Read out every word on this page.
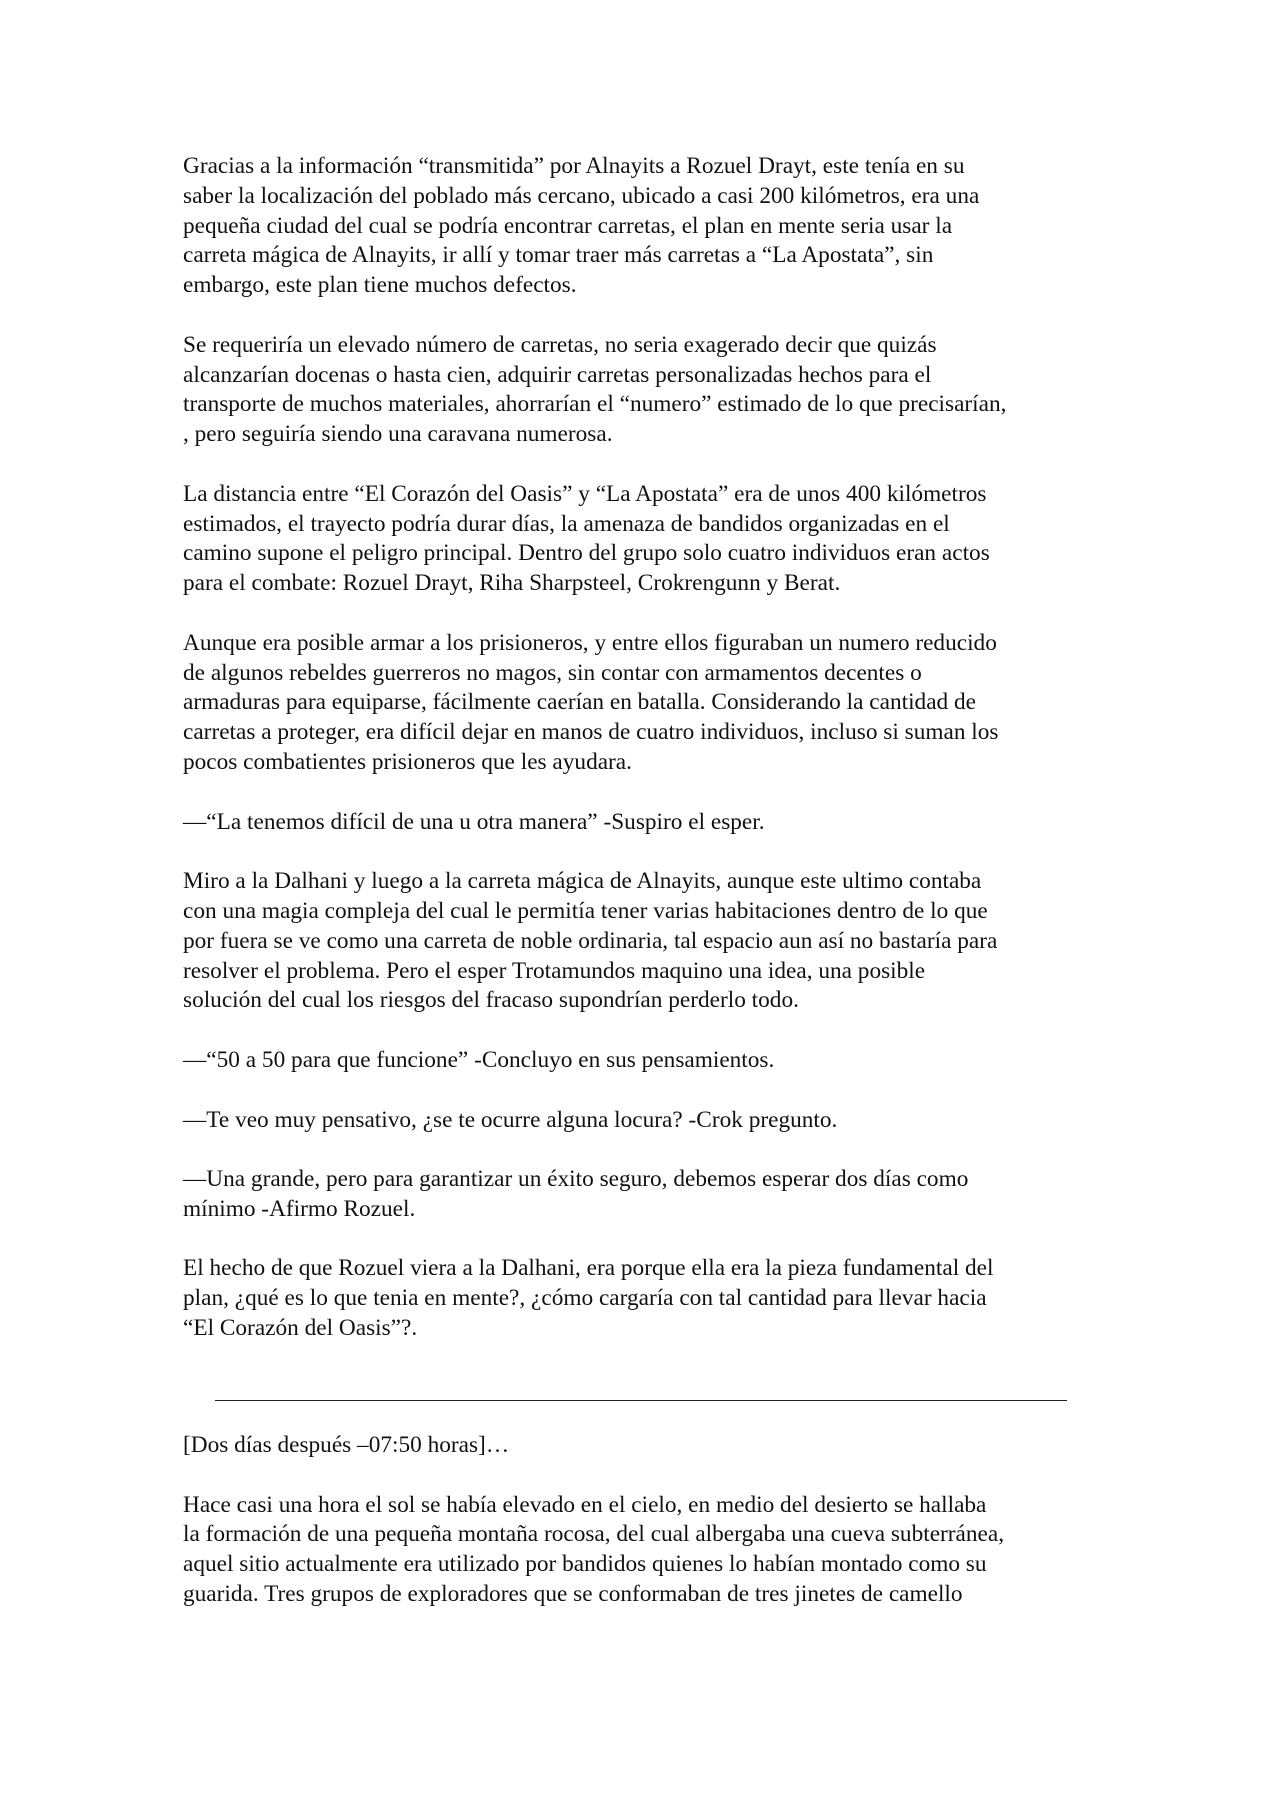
Gracias a la información “transmitida” por Alnayits a Rozuel Drayt, este tenía en su
saber la localización del poblado más cercano, ubicado a casi 200 kilómetros, era una
pequeña ciudad del cual se podría encontrar carretas, el plan en mente seria usar la
carreta mágica de Alnayits, ir allí y tomar traer más carretas a “La Apostata”, sin
embargo, este plan tiene muchos defectos.

Se requeriría un elevado número de carretas, no seria exagerado decir que quizás
alcanzarían docenas o hasta cien, adquirir carretas personalizadas hechos para el
transporte de muchos materiales, ahorrarían el “numero” estimado de lo que precisarían,
, pero seguiría siendo una caravana numerosa.

La distancia entre “El Corazón del Oasis” y “La Apostata” era de unos 400 kilómetros
estimados, el trayecto podría durar días, la amenaza de bandidos organizadas en el
camino supone el peligro principal. Dentro del grupo solo cuatro individuos eran actos
para el combate: Rozuel Drayt, Riha Sharpsteel, Crokrengunn y Berat.

Aunque era posible armar a los prisioneros, y entre ellos figuraban un numero reducido
de algunos rebeldes guerreros no magos, sin contar con armamentos decentes o
armaduras para equiparse, fácilmente caerían en batalla. Considerando la cantidad de
carretas a proteger, era difícil dejar en manos de cuatro individuos, incluso si suman los
pocos combatientes prisioneros que les ayudara.

—“La tenemos difícil de una u otra manera” -Suspiro el esper.

Miro a la Dalhani y luego a la carreta mágica de Alnayits, aunque este ultimo contaba
con una magia compleja del cual le permitía tener varias habitaciones dentro de lo que
por fuera se ve como una carreta de noble ordinaria, tal espacio aun así no bastaría para
resolver el problema. Pero el esper Trotamundos maquino una idea, una posible
solución del cual los riesgos del fracaso supondrían perderlo todo.

—“50 a 50 para que funcione” -Concluyo en sus pensamientos.

—Te veo muy pensativo, ¿se te ocurre alguna locura? -Crok pregunto.

—Una grande, pero para garantizar un éxito seguro, debemos esperar dos días como
mínimo -Afirmo Rozuel.

El hecho de que Rozuel viera a la Dalhani, era porque ella era la pieza fundamental del
plan, ¿qué es lo que tenia en mente?, ¿cómo cargaría con tal cantidad para llevar hacia
“El Corazón del Oasis”?.

[Dos días después –07:50 horas]…

Hace casi una hora el sol se había elevado en el cielo, en medio del desierto se hallaba
la formación de una pequeña montaña rocosa, del cual albergaba una cueva subterránea,
aquel sitio actualmente era utilizado por bandidos quienes lo habían montado como su
guarida. Tres grupos de exploradores que se conformaban de tres jinetes de camello
